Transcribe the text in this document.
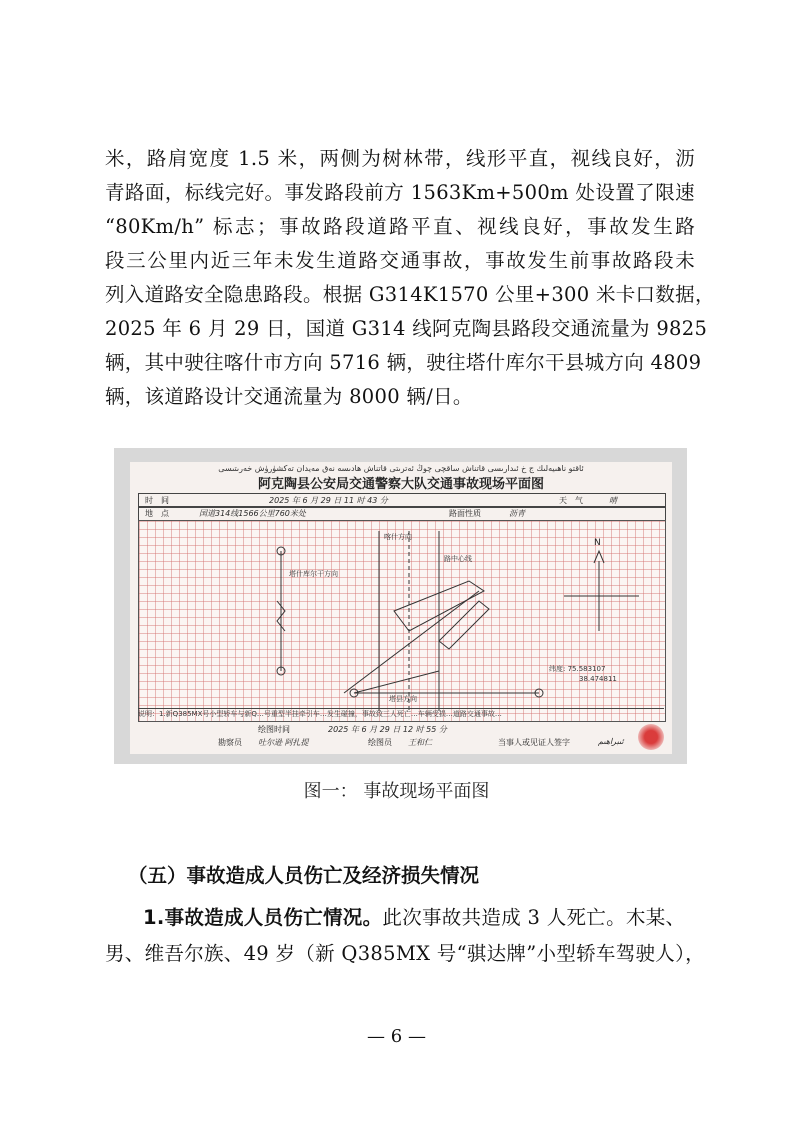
米，路肩宽度 1.5 米，两侧为树林带，线形平直，视线良好，沥

青路面，标线完好。事发路段前方 1563Km+500m 处设置了限速

“80Km/h” 标志；事故路段道路平直、视线良好，事故发生路

段三公里内近三年未发生道路交通事故，事故发生前事故路段未

列入道路安全隐患路段。根据 G314K1570 公里+300 米卡口数据，

2025 年 6 月 29 日，国道 G314 线阿克陶县路段交通流量为 9825

辆，其中驶往喀什市方向 5716 辆，驶往塔什库尔干县城方向 4809

辆，该道路设计交通流量为 8000 辆/日。

ئاقتو ناھىيەلىك ج خ ئىدارىسى قاتناش ساقچى چوڭ ئەترىتى قاتناش ھادىسە نەق مەيدان تەكشۈرۈش خەرىتىسى
阿克陶县公安局交通警察大队交通事故现场平面图
时　间	2025 年 6 月 29 日 11 时 43 分	天　气	晴
地　点	国道314线1566公里760米处	路面性质	沥青
N
喀什方向
塔县方向
塔什库尔干方向
路中心线
纬度: 75.583107
38.474811
说明：1.新Q385MX号小型轿车与新Q…号重型半挂牵引车…发生碰撞，事故致三人死亡…车辆受损…道路交通事故…
绘图时间	2025 年 6 月 29 日 12 时 55 分
勘察员 吐尔逊 阿扎提	绘图员 王和仁	当事人或见证人签字	ئىبراھىم
图一： 事故现场平面图
（五）事故造成人员伤亡及经济损失情况

1.事故造成人员伤亡情况。此次事故共造成 3 人死亡。木某、

男、维吾尔族、49 岁（新 Q385MX 号“骐达牌”小型轿车驾驶人），

— 6 —
